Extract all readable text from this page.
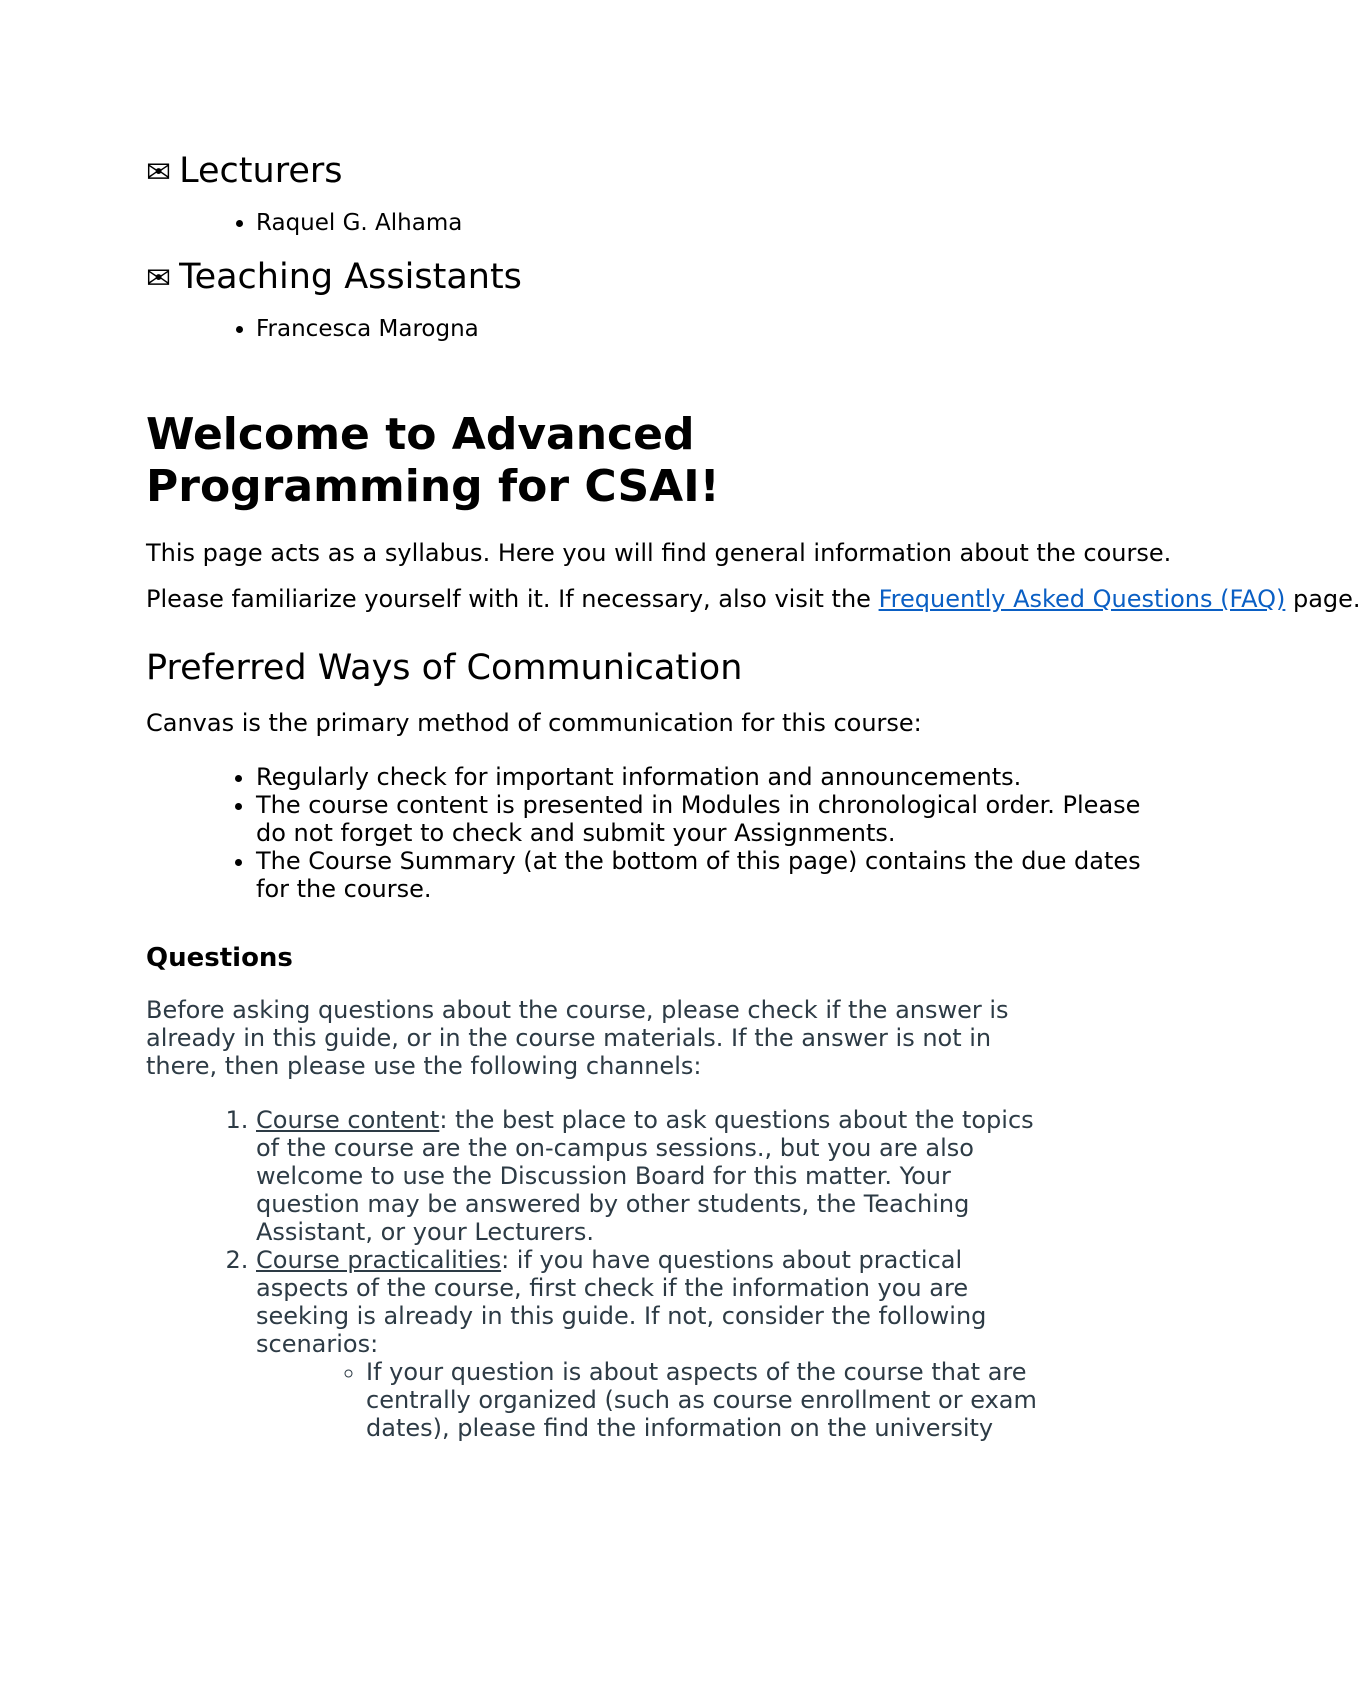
✉ Lecturers
• Raquel G. Alhama
✉ Teaching Assistants
• Francesca Marogna
Welcome to Advanced Programming for CSAI!

This page acts as a syllabus. Here you will find general information about the course.

Please familiarize yourself with it. If necessary, also visit the Frequently Asked Questions (FAQ) page.

Preferred Ways of Communication

Canvas is the primary method of communication for this course:

• Regularly check for important information and announcements.
• The course content is presented in Modules in chronological order. Please do not forget to check and submit your Assignments.
• The Course Summary (at the bottom of this page) contains the due dates for the course.
Questions

Before asking questions about the course, please check if the answer is already in this guide, or in the course materials. If the answer is not in there, then please use the following channels:

1. Course content: the best place to ask questions about the topics of the course are the on-campus sessions., but you are also welcome to use the Discussion Board for this matter. Your question may be answered by other students, the Teaching Assistant, or your Lecturers.
2. Course practicalities: if you have questions about practical aspects of the course, first check if the information you are seeking is already in this guide. If not, consider the following scenarios:
◦ If your question is about aspects of the course that are centrally organized (such as course enrollment or exam dates), please find the information on the university
